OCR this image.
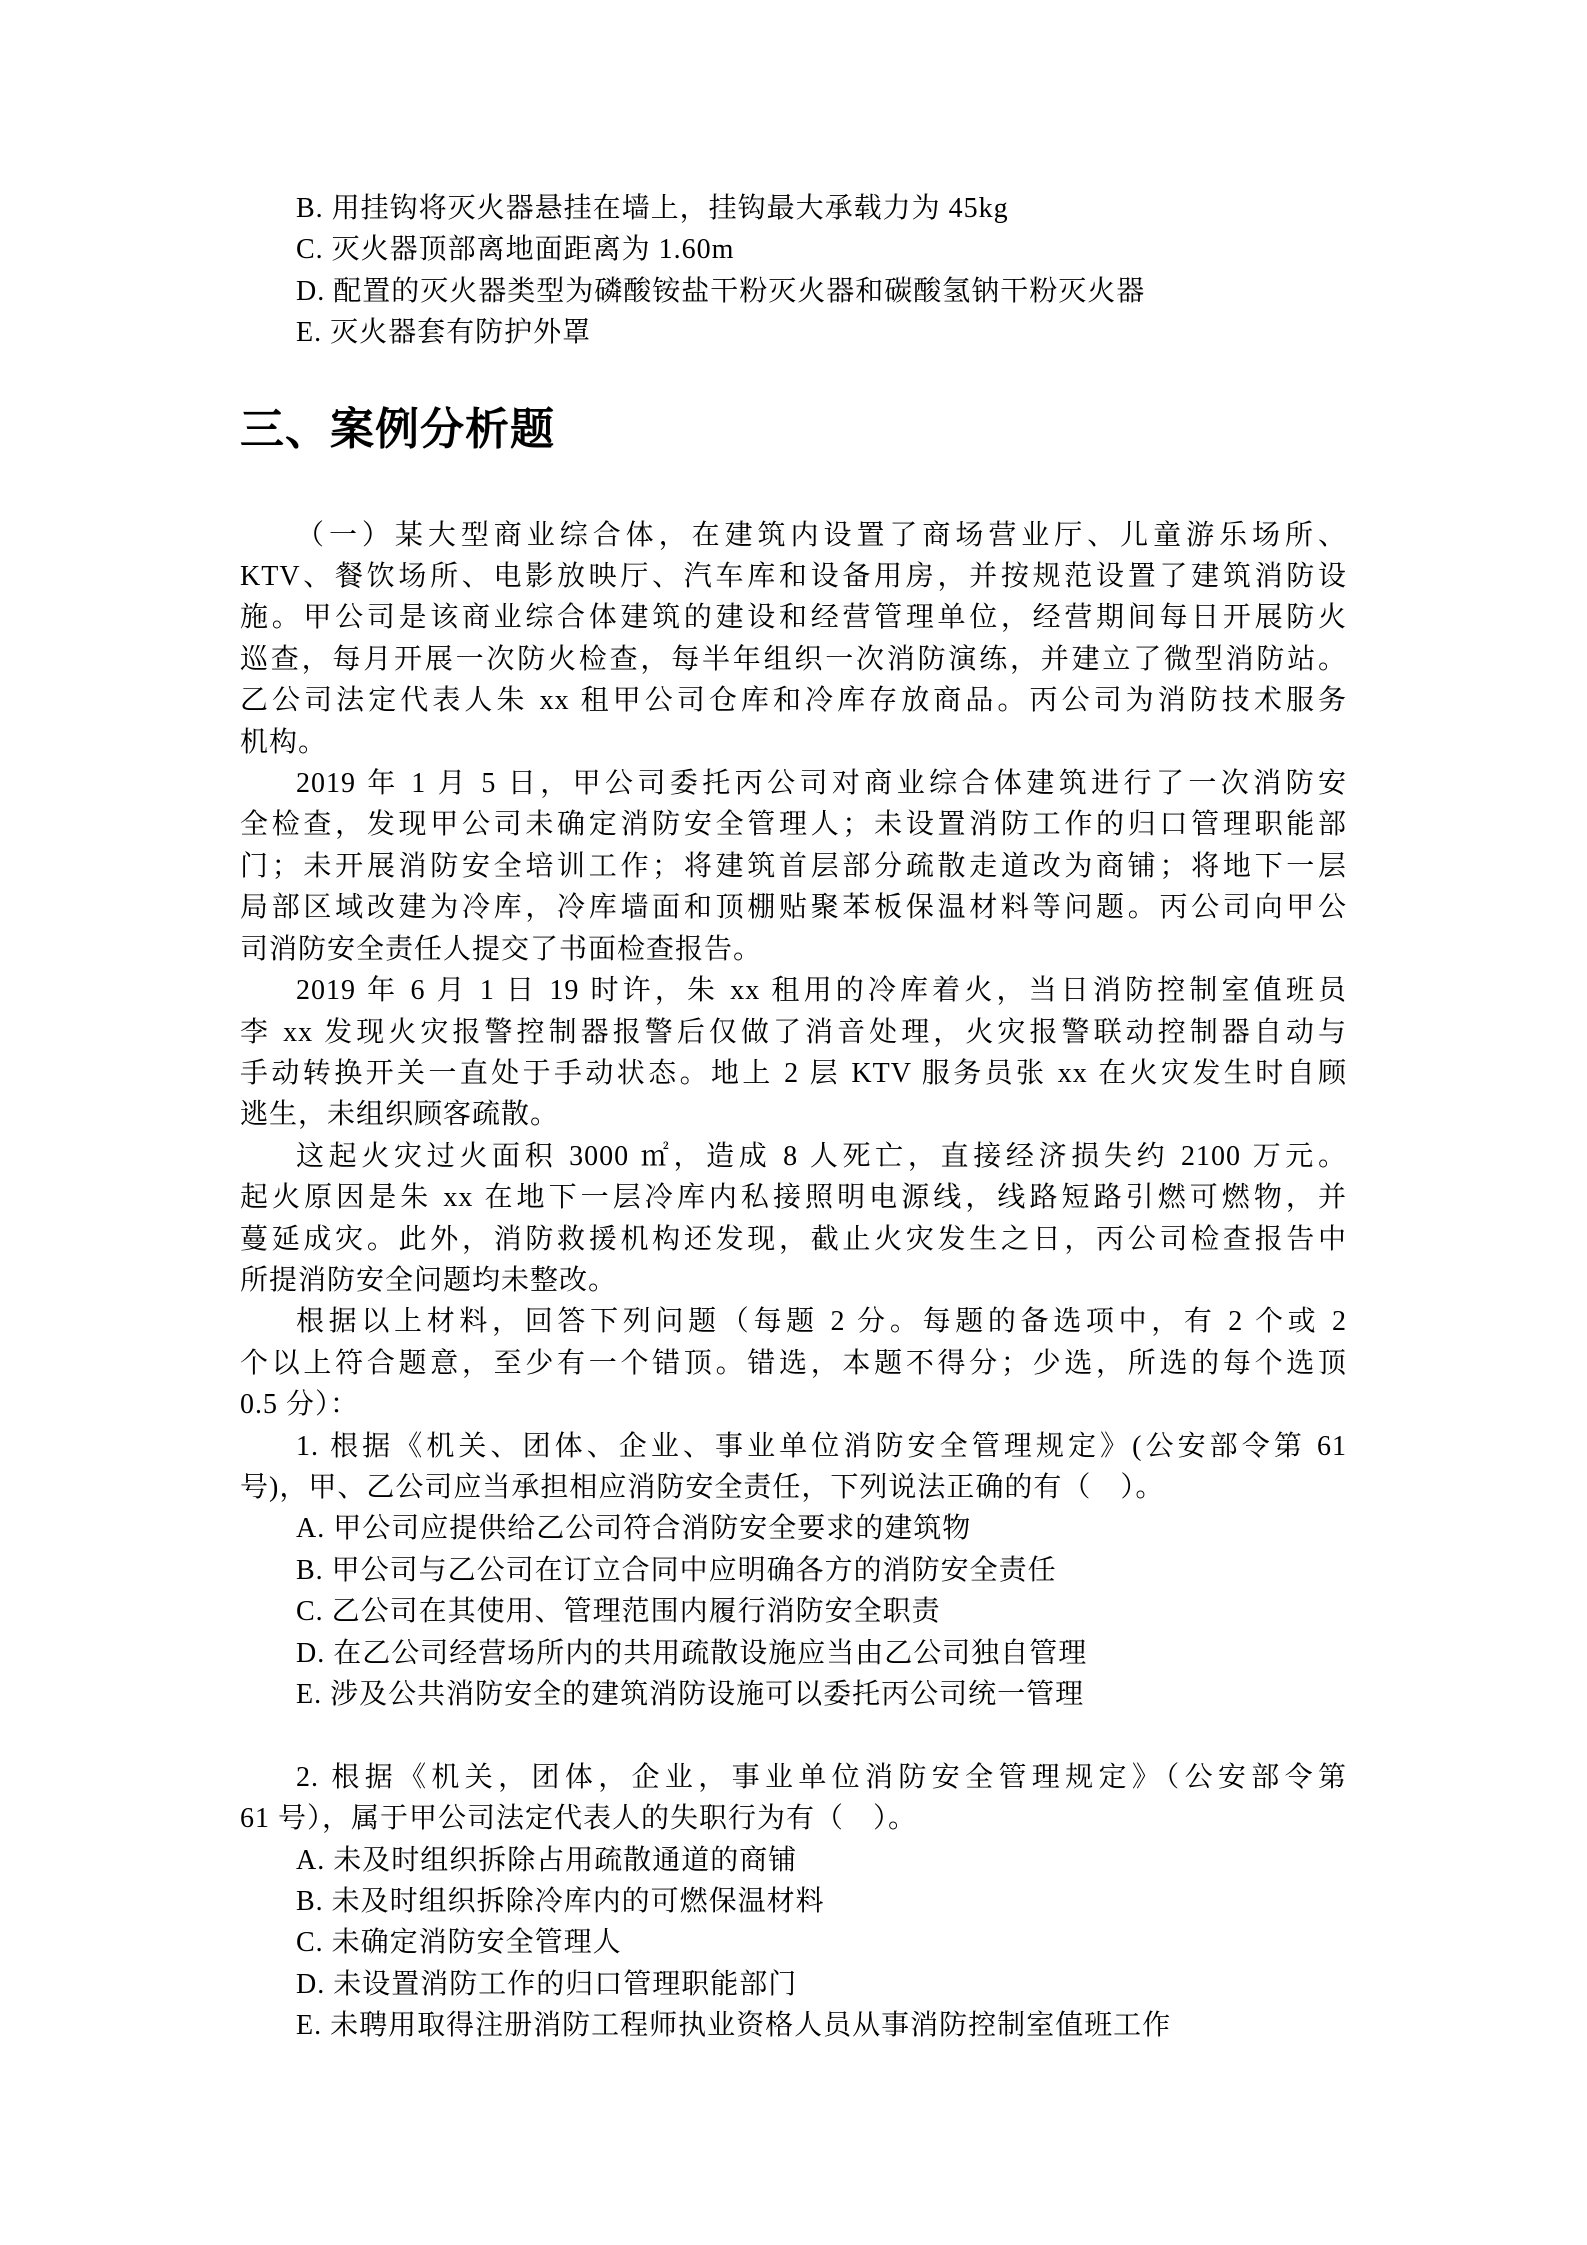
B. 用挂钩将灭火器悬挂在墙上，挂钩最大承载力为 45kg
C. 灭火器顶部离地面距离为 1.60m
D. 配置的灭火器类型为磷酸铵盐干粉灭火器和碳酸氢钠干粉灭火器
E. 灭火器套有防护外罩
三、案例分析题
（一）某大型商业综合体，在建筑内设置了商场营业厅、儿童游乐场所、
KTV、餐饮场所、电影放映厅、汽车库和设备用房，并按规范设置了建筑消防设
施。甲公司是该商业综合体建筑的建设和经营管理单位，经营期间每日开展防火
巡查，每月开展一次防火检查，每半年组织一次消防演练，并建立了微型消防站。
乙公司法定代表人朱 xx 租甲公司仓库和冷库存放商品。丙公司为消防技术服务
机构。
2019 年 1 月 5 日，甲公司委托丙公司对商业综合体建筑进行了一次消防安
全检查，发现甲公司未确定消防安全管理人；未设置消防工作的归口管理职能部
门；未开展消防安全培训工作；将建筑首层部分疏散走道改为商铺；将地下一层
局部区域改建为冷库，冷库墙面和顶棚贴聚苯板保温材料等问题。丙公司向甲公
司消防安全责任人提交了书面检查报告。
2019 年 6 月 1 日 19 时许，朱 xx 租用的冷库着火，当日消防控制室值班员
李 xx 发现火灾报警控制器报警后仅做了消音处理，火灾报警联动控制器自动与
手动转换开关一直处于手动状态。地上 2 层 KTV 服务员张 xx 在火灾发生时自顾
逃生，未组织顾客疏散。
这起火灾过火面积 3000 ㎡，造成 8 人死亡，直接经济损失约 2100 万元。
起火原因是朱 xx 在地下一层冷库内私接照明电源线，线路短路引燃可燃物，并
蔓延成灾。此外，消防救援机构还发现，截止火灾发生之日，丙公司检查报告中
所提消防安全问题均未整改。
根据以上材料，回答下列问题（每题 2 分。每题的备选项中，有 2 个或 2
个以上符合题意，至少有一个错顶。错选，本题不得分；少选，所选的每个选顶
0.5 分）：
1. 根据《机关、团体、企业、事业单位消防安全管理规定》(公安部令第 61
号)，甲、乙公司应当承担相应消防安全责任，下列说法正确的有（　）。
A. 甲公司应提供给乙公司符合消防安全要求的建筑物
B. 甲公司与乙公司在订立合同中应明确各方的消防安全责任
C. 乙公司在其使用、管理范围内履行消防安全职责
D. 在乙公司经营场所内的共用疏散设施应当由乙公司独自管理
E. 涉及公共消防安全的建筑消防设施可以委托丙公司统一管理
2. 根据《机关，团体，企业，事业单位消防安全管理规定》（公安部令第
61 号），属于甲公司法定代表人的失职行为有（　）。
A. 未及时组织拆除占用疏散通道的商铺
B. 未及时组织拆除冷库内的可燃保温材料
C. 未确定消防安全管理人
D. 未设置消防工作的归口管理职能部门
E. 未聘用取得注册消防工程师执业资格人员从事消防控制室值班工作
